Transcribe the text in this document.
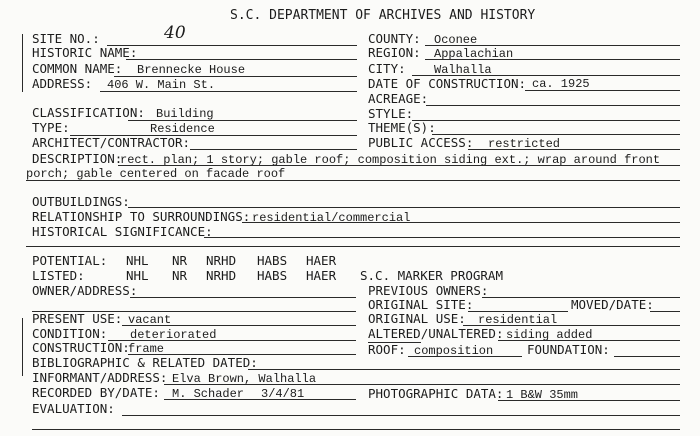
S.C. DEPARTMENT OF ARCHIVES AND HISTORY
SITE NO.:	40
HISTORIC NAME:
COMMON NAME: Brennecke House
ADDRESS: 406 W. Main St.
CLASSIFICATION: Building
TYPE:	Residence
ARCHITECT/CONTRACTOR:
COUNTY: Oconee
REGION: Appalachian
CITY: Walhalla
DATE OF CONSTRUCTION: ca. 1925
ACREAGE:
STYLE:
THEME(S):
PUBLIC ACCESS: restricted
DESCRIPTION:
rect. plan; 1 story; gable roof; composition siding ext.; wrap around front
porch; gable centered on facade roof
OUTBUILDINGS:
RELATIONSHIP TO SURROUNDINGS: residential/commercial
HISTORICAL SIGNIFICANCE:
POTENTIAL: NHL NR NRHD HABS HAER
LISTED:	NHL NR NRHD HABS HAER S.C. MARKER PROGRAM
OWNER/ADDRESS:	PREVIOUS OWNERS:
ORIGINAL SITE:	MOVED/DATE:
PRESENT USE: vacant	ORIGINAL USE: residential
CONDITION: deteriorated	ALTERED/UNALTERED: siding added
CONSTRUCTION:
frame	ROOF: composition	FOUNDATION:
BIBLIOGRAPHIC & RELATED DATED:
INFORMANT/ADDRESS: Elva Brown, Walhalla
RECORDED BY/DATE: M. Schader 3/4/81	PHOTOGRAPHIC DATA: 1 B&W 35mm
EVALUATION:
